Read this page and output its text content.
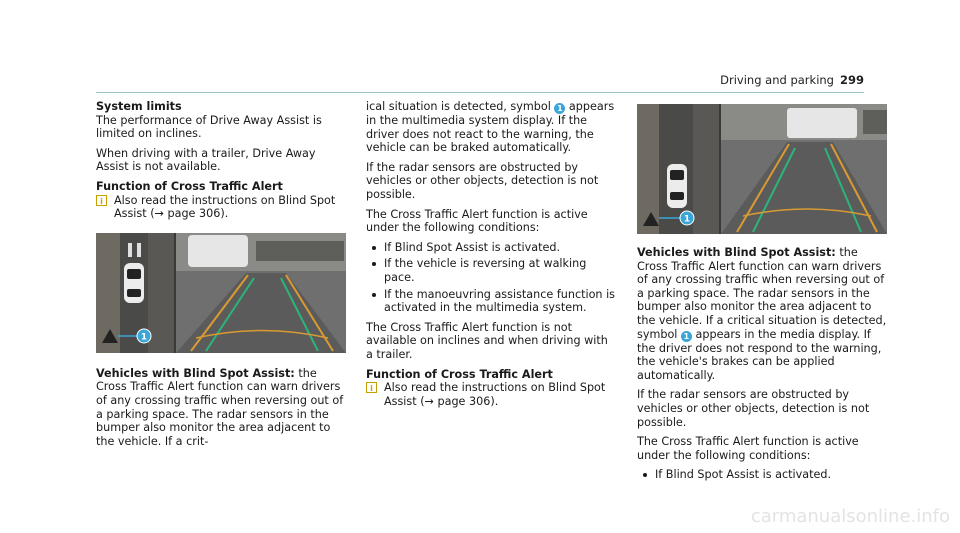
Driving and parking 299
System limits

The performance of Drive Away Assist is limited on inclines.

When driving with a trailer, Drive Away Assist is not available.

Function of Cross Traffic Alert
i Also read the instructions on Blind Spot Assist (→ page 306).
1

Vehicles with Blind Spot Assist: the Cross Traffic Alert function can warn drivers of any crossing traffic when reversing out of a parking space. The radar sensors in the bumper also monitor the area adjacent to the vehicle. If a crit-

ical situation is detected, symbol 1 appears in the multimedia system display. If the driver does not react to the warning, the vehicle can be braked automatically.

If the radar sensors are obstructed by vehicles or other objects, detection is not possible.

The Cross Traffic Alert function is active under the following conditions:

If Blind Spot Assist is activated.
If the vehicle is reversing at walking pace.
If the manoeuvring assistance function is activated in the multimedia system.

The Cross Traffic Alert function is not available on inclines and when driving with a trailer.

Function of Cross Traffic Alert
i Also read the instructions on Blind Spot Assist (→ page 306).
1

Vehicles with Blind Spot Assist: the Cross Traffic Alert function can warn drivers of any crossing traffic when reversing out of a parking space. The radar sensors in the bumper also monitor the area adjacent to the vehicle. If a critical situation is detected, symbol 1 appears in the media display. If the driver does not respond to the warning, the vehicle's brakes can be applied automatically.

If the radar sensors are obstructed by vehicles or other objects, detection is not possible.

The Cross Traffic Alert function is active under the following conditions:

If Blind Spot Assist is activated.
carmanualsonline.info
